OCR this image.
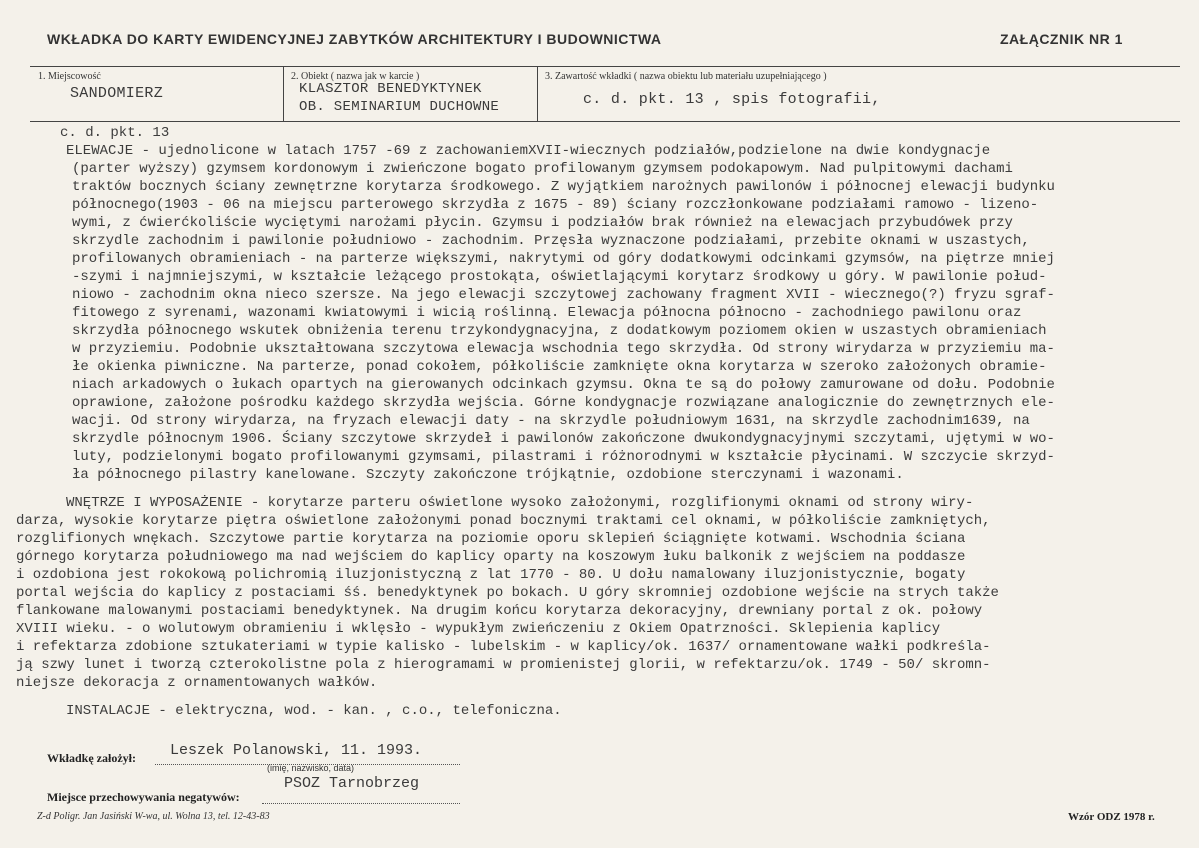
WKŁADKA DO KARTY EWIDENCYJNEJ ZABYTKÓW ARCHITEKTURY I BUDOWNICTWA	ZAŁĄCZNIK NR 1
1. Miejscowość
SANDOMIERZ
2. Obiekt ( nazwa jak w karcie )
KLASZTOR BENEDYKTYNEK
OB. SEMINARIUM DUCHOWNE
3. Zawartość wkładki ( nazwa obiektu lub materiału uzupełniającego )
c. d. pkt. 13 , spis fotografii,
c. d. pkt. 13
ELEWACJE - ujednolicone w latach 1757 -69 z zachowaniemXVII-wiecznych podziałów,podzielone na dwie kondygnacje
(parter wyższy) gzymsem kordonowym i zwieńczone bogato profilowanym gzymsem podokapowym. Nad pulpitowymi dachami
traktów bocznych ściany zewnętrzne korytarza środkowego. Z wyjątkiem narożnych pawilonów i północnej elewacji budynku
północnego(1903 - 06 na miejscu parterowego skrzydła z 1675 - 89) ściany rozczłonkowane podziałami ramowo - lizeno-
wymi, z ćwierćkoliście wyciętymi narożami płycin. Gzymsu i podziałów brak również na elewacjach przybudówek przy
skrzydle zachodnim i pawilonie południowo - zachodnim. Przęsła wyznaczone podziałami, przebite oknami w uszastych,
profilowanych obramieniach - na parterze większymi, nakrytymi od góry dodatkowymi odcinkami gzymsów, na piętrze mniej
-szymi i najmniejszymi, w kształcie leżącego prostokąta, oświetlającymi korytarz środkowy u góry. W pawilonie połud-
niowo - zachodnim okna nieco szersze. Na jego elewacji szczytowej zachowany fragment XVII - wiecznego(?) fryzu sgraf-
fitowego z syrenami, wazonami kwiatowymi i wicią roślinną. Elewacja północna północno - zachodniego pawilonu oraz
skrzydła północnego wskutek obniżenia terenu trzykondygnacyjna, z dodatkowym poziomem okien w uszastych obramieniach
w przyziemiu. Podobnie ukształtowana szczytowa elewacja wschodnia tego skrzydła. Od strony wirydarza w przyziemiu ma-
łe okienka piwniczne. Na parterze, ponad cokołem, półkoliście zamknięte okna korytarza w szeroko założonych obramie-
niach arkadowych o łukach opartych na gierowanych odcinkach gzymsu. Okna te są do połowy zamurowane od dołu. Podobnie
oprawione, założone pośrodku każdego skrzydła wejścia. Górne kondygnacje rozwiązane analogicznie do zewnętrznych ele-
wacji. Od strony wirydarza, na fryzach elewacji daty - na skrzydle południowym 1631, na skrzydle zachodnim1639, na
skrzydle północnym 1906. Ściany szczytowe skrzydeł i pawilonów zakończone dwukondygnacyjnymi szczytami, ujętymi w wo-
luty, podzielonymi bogato profilowanymi gzymsami, pilastrami i różnorodnymi w kształcie płycinami. W szczycie skrzyd-
ła północnego pilastry kanelowane. Szczyty zakończone trójkątnie, ozdobione sterczynami i wazonami.
WNĘTRZE I WYPOSAŻENIE - korytarze parteru oświetlone wysoko założonymi, rozglifionymi oknami od strony wiry-
darza, wysokie korytarze piętra oświetlone założonymi ponad bocznymi traktami cel oknami, w półkoliście zamkniętych,
rozglifionych wnękach. Szczytowe partie korytarza na poziomie oporu sklepień ściągnięte kotwami. Wschodnia ściana
górnego korytarza południowego ma nad wejściem do kaplicy oparty na koszowym łuku balkonik z wejściem na poddasze
i ozdobiona jest rokokową polichromią iluzjonistyczną z lat 1770 - 80. U dołu namalowany iluzjonistycznie, bogaty
portal wejścia do kaplicy z postaciami śś. benedyktynek po bokach. U góry skromniej ozdobione wejście na strych także
flankowane malowanymi postaciami benedyktynek. Na drugim końcu korytarza dekoracyjny, drewniany portal z ok. połowy
XVIII wieku. - o wolutowym obramieniu i wklęsło - wypukłym zwieńczeniu z Okiem Opatrzności. Sklepienia kaplicy
i refektarza zdobione sztukateriami w typie kalisko - lubelskim - w kaplicy/ok. 1637/ ornamentowane wałki podkreśla-
ją szwy lunet i tworzą czterokolistne pola z hierogramami w promienistej glorii, w refektarzu/ok. 1749 - 50/ skromn-
niejsze dekoracja z ornamentowanych wałków.
INSTALACJE - elektryczna, wod. - kan. , c.o., telefoniczna.
Wkładkę założył: Leszek Polanowski, 11. 1993.
(imię, nazwisko, data)
PSOZ Tarnobrzeg
Miejsce przechowywania negatywów:
Z-d Poligr. Jan Jasiński W-wa, ul. Wolna 13, tel. 12-43-83	Wzór ODZ 1978 r.
